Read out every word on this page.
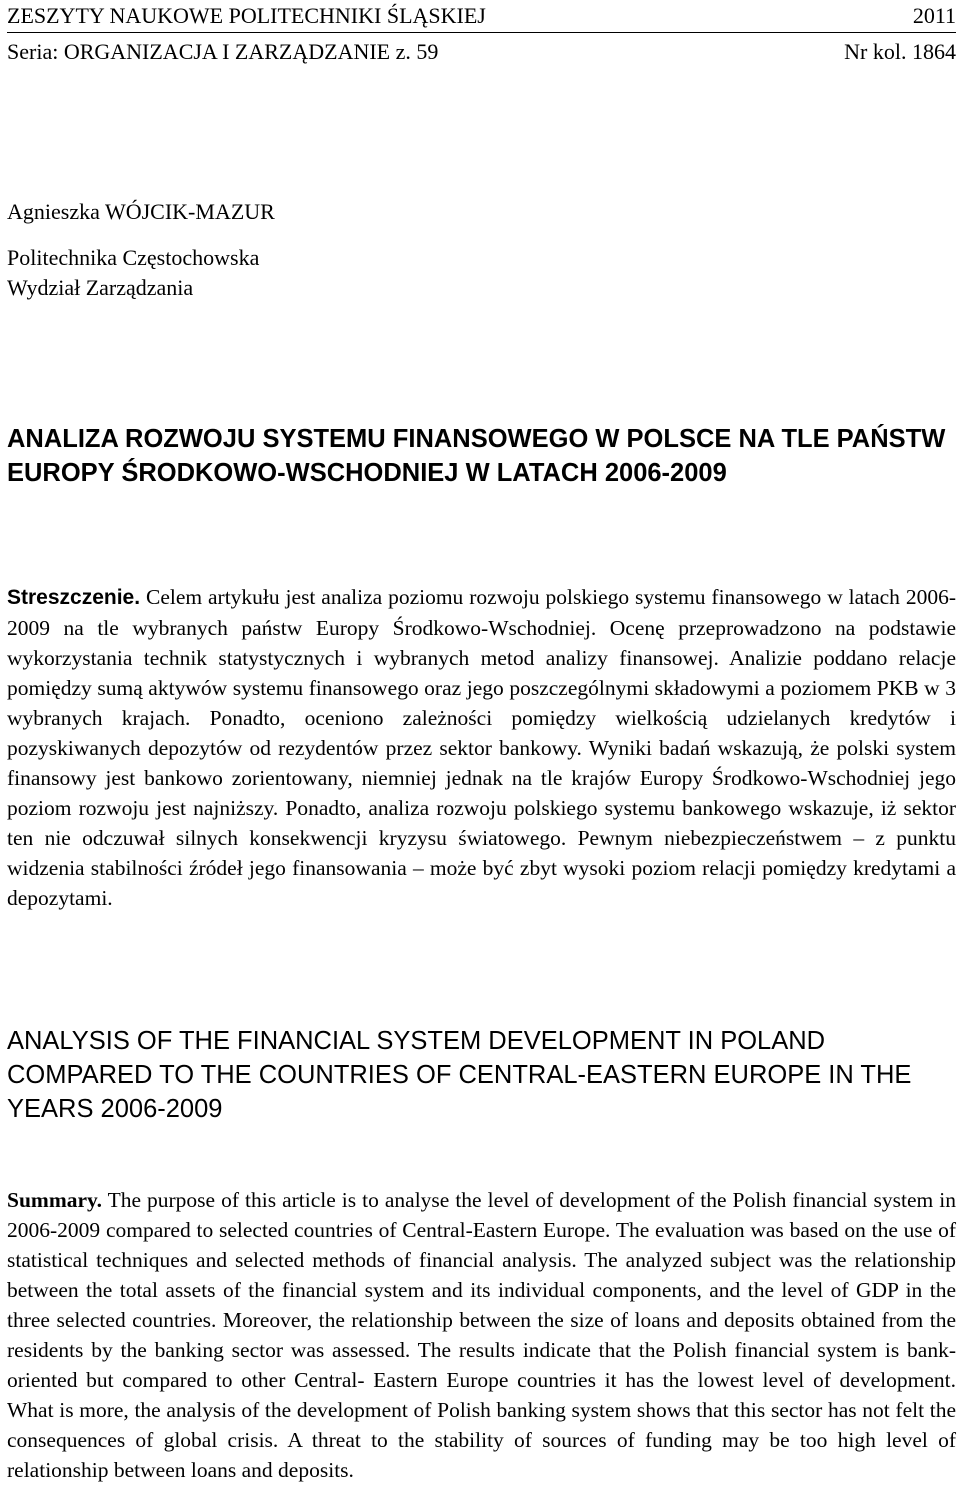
ZESZYTY NAUKOWE POLITECHNIKI ŚLĄSKIEJ	2011
Seria: ORGANIZACJA I ZARZĄDZANIE z. 59	Nr kol. 1864
Agnieszka WÓJCIK-MAZUR
Politechnika Częstochowska
Wydział Zarządzania
ANALIZA ROZWOJU SYSTEMU FINANSOWEGO W POLSCE NA TLE PAŃSTW EUROPY ŚRODKOWO-WSCHODNIEJ W LATACH 2006-2009

Streszczenie. Celem artykułu jest analiza poziomu rozwoju polskiego systemu finansowego w latach 2006-2009 na tle wybranych państw Europy Środkowo-Wschodniej. Ocenę przeprowadzono na podstawie wykorzystania technik statystycznych i wybranych metod analizy finansowej. Analizie poddano relacje pomiędzy sumą aktywów systemu finansowego oraz jego poszczególnymi składowymi a poziomem PKB w 3 wybranych krajach. Ponadto, oceniono zależności pomiędzy wielkością udzielanych kredytów i pozyskiwanych depozytów od rezydentów przez sektor bankowy. Wyniki badań wskazują, że polski system finansowy jest bankowo zorientowany, niemniej jednak na tle krajów Europy Środkowo-Wschodniej jego poziom rozwoju jest najniższy. Ponadto, analiza rozwoju polskiego systemu bankowego wskazuje, iż sektor ten nie odczuwał silnych konsekwencji kryzysu światowego. Pewnym niebezpieczeństwem – z punktu widzenia stabilności źródeł jego finansowania – może być zbyt wysoki poziom relacji pomiędzy kredytami a depozytami.

ANALYSIS OF THE FINANCIAL SYSTEM DEVELOPMENT IN POLAND COMPARED TO THE COUNTRIES OF CENTRAL-EASTERN EUROPE IN THE YEARS 2006-2009

Summary. The purpose of this article is to analyse the level of development of the Polish financial system in 2006-2009 compared to selected countries of Central-Eastern Europe. The evaluation was based on the use of statistical techniques and selected methods of financial analysis. The analyzed subject was the relationship between the total assets of the financial system and its individual components, and the level of GDP in the three selected countries. Moreover, the relationship between the size of loans and deposits obtained from the residents by the banking sector was assessed. The results indicate that the Polish financial system is bank-oriented but compared to other Central- Eastern Europe countries it has the lowest level of development. What is more, the analysis of the development of Polish banking system shows that this sector has not felt the consequences of global crisis. A threat to the stability of sources of funding may be too high level of relationship between loans and deposits.
